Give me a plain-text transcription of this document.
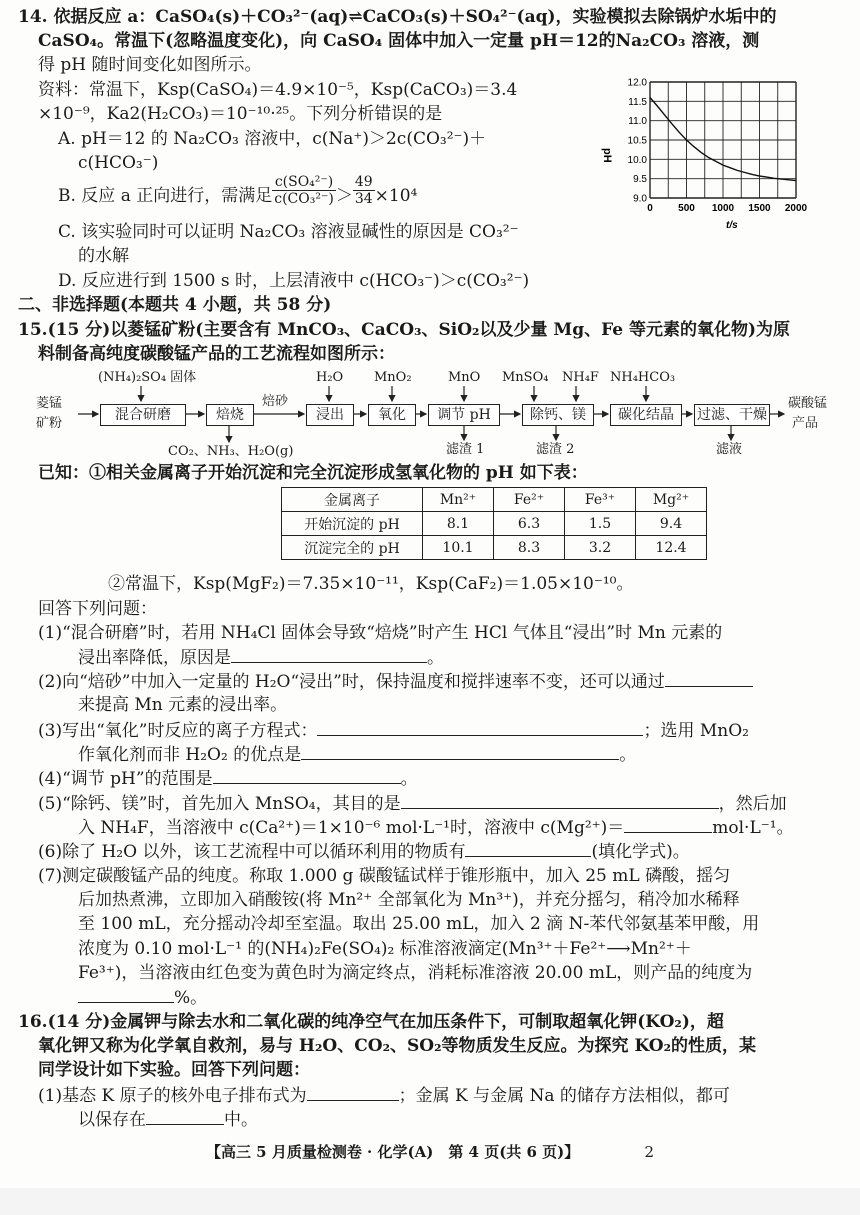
14. 依据反应 a：CaSO₄(s)＋CO₃²⁻(aq)⇌CaCO₃(s)＋SO₄²⁻(aq)，实验模拟去除锅炉水垢中的
CaSO₄。常温下(忽略温度变化)，向 CaSO₄ 固体中加入一定量 pH＝12的Na₂CO₃ 溶液，测
得 pH 随时间变化如图所示。
资料：常温下，Ksp(CaSO₄)＝4.9×10⁻⁵，Ksp(CaCO₃)＝3.4
×10⁻⁹，Ka2(H₂CO₃)＝10⁻¹⁰·²⁵。下列分析错误的是
A. pH＝12 的 Na₂CO₃ 溶液中，c(Na⁺)＞2c(CO₃²⁻)＋
c(HCO₃⁻)
B. 反应 a 正向进行，需满足 $\frac{\text{c(SO₄²⁻)}}{\text{c(CO₃²⁻)}} > \frac{49}{34} \times 10^4$
C. 该实验同时可以证明 Na₂CO₃ 溶液显碱性的原因是 CO₃²⁻
的水解
D. 反应进行到 1500 s 时，上层清液中 c(HCO₃⁻)＞c(CO₃²⁻)
12.0
11.5
11.0
10.5
10.0
9.5
9.0
0	500 1000 1500 2000
pH
t/s
二、非选择题(本题共 4 小题，共 58 分)
15.(15 分)以菱锰矿粉(主要含有 MnCO₃、CaCO₃、SiO₂以及少量 Mg、Fe 等元素的氧化物)为原
料制备高纯度碳酸锰产品的工艺流程如图所示：
菱锰
矿粉
混合研磨	焙烧
焙砂
浸出	氧化	调节 pH	除钙、镁	碳化结晶	过滤、干燥
碳酸锰
产品
(NH₄)₂SO₄ 固体	H₂O MnO₂	MnO MnSO₄ NH₄F NH₄HCO₃
CO₂、NH₃、H₂O(g)	滤渣 1	滤渣 2	滤液
已知：①相关金属离子开始沉淀和完全沉淀形成氢氧化物的 pH 如下表：
金属离子	Mn²⁺	Fe²⁺	Fe³⁺	Mg²⁺
开始沉淀的 pH	8.1	6.3	1.5	9.4
沉淀完全的 pH	10.1	8.3	3.2	12.4
②常温下，Ksp(MgF₂)＝7.35×10⁻¹¹，Ksp(CaF₂)＝1.05×10⁻¹⁰。
回答下列问题：
(1)“混合研磨”时，若用 NH₄Cl 固体会导致“焙烧”时产生 HCl 气体且“浸出”时 Mn 元素的
浸出率降低，原因是	。
(2)向“焙砂”中加入一定量的 H₂O“浸出”时，保持温度和搅拌速率不变，还可以通过
来提高 Mn 元素的浸出率。
(3)写出“氧化”时反应的离子方程式：	；选用 MnO₂
作氧化剂而非 H₂O₂ 的优点是	。
(4)“调节 pH”的范围是	。
(5)“除钙、镁”时，首先加入 MnSO₄，其目的是	，然后加
入 NH₄F，当溶液中 c(Ca²⁺)＝1×10⁻⁶ mol·L⁻¹时，溶液中 c(Mg²⁺)＝	mol·L⁻¹。
(6)除了 H₂O 以外，该工艺流程中可以循环利用的物质有	(填化学式)。
(7)测定碳酸锰产品的纯度。称取 1.000 g 碳酸锰试样于锥形瓶中，加入 25 mL 磷酸，摇匀
后加热煮沸，立即加入硝酸铵(将 Mn²⁺ 全部氧化为 Mn³⁺)，并充分摇匀，稍冷加水稀释
至 100 mL，充分摇动冷却至室温。取出 25.00 mL，加入 2 滴 N-苯代邻氨基苯甲酸，用
浓度为 0.10 mol·L⁻¹ 的(NH₄)₂Fe(SO₄)₂ 标准溶液滴定(Mn³⁺＋Fe²⁺⟶Mn²⁺＋
Fe³⁺)，当溶液由红色变为黄色时为滴定终点，消耗标准溶液 20.00 mL，则产品的纯度为
%。
16.(14 分)金属钾与除去水和二氧化碳的纯净空气在加压条件下，可制取超氧化钾(KO₂)，超
氧化钾又称为化学氧自救剂，易与 H₂O、CO₂、SO₂等物质发生反应。为探究 KO₂的性质，某
同学设计如下实验。回答下列问题：
(1)基态 K 原子的核外电子排布式为	；金属 K 与金属 Na 的储存方法相似，都可
以保存在	中。
【高三 5 月质量检测卷 · 化学(A)　第 4 页(共 6 页)】	2
